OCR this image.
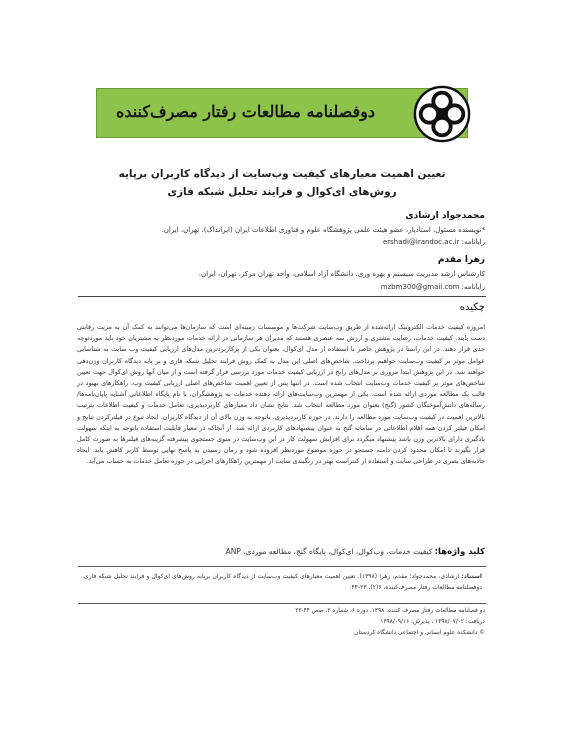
دوفصلنامه مطالعات رفتار مصرف‌کننده
تعیین اهمیت معیارهای کیفیت وب‌سایت از دیدگاه کاربران برپایه
روش‌های ای‌کوال و فرایند تحلیل شبکه فازی
محمدجواد ارشادی
*نویسنده مسئول، استادیار، عضو هیئت علمی پژوهشگاه علوم و فناوری اطلاعات ایران (ایرانداک)، تهران، ایران.
رایانامه: ershadi@irandoc.ac.ir
زهرا مقدم
کارشناس ارشد مدیریت سیستم و بهره وری، دانشگاه آزاد اسلامی، واحد تهران مرکز، تهران، ایران.
رایانامه: mzbm300@gmail.com
چکیده
امروزه کیفیت خدمات الکترونیک ارائه‌شده از طریق وب‌سایت شرکت‌ها و موسسات زمینه‌ای است که سازمان‌ها می‌توانند به کمک آن به مزیت رقابتی دست یابند. کیفیت خدمات، رضایت مشتری و ارزش سه عنصری هستند که مدیران هر سازمانی در ارائه خدمات موردنظر به مشتریان خود باید موردتوجه جدی قرار دهند. در این راستا در پژوهش حاضر با استفاده از مدل ای‌کوال، بعنوان یکی از پرکاربردترین مدل‌های ارزیابی کیفیت وب سایت به شناسایی عوامل موثر بر کیفیت وب‌سایت خواهیم پرداخت. شاخص‌های اصلی این مدل به کمک روش فرایند تحلیل شبکه فازی و بر پایه دیدگاه کاربران وزن‌دهی خواهند شد. در این پژوهش ابتدا مروری بر مدل‌های رایج در ارزیابی کیفیت خدمات مورد بررسی قرار گرفته است و از میان آنها روش ای‌کوال جهت تعیین شاخص‌های موثر بر کیفیت خدمات وب‌سایت انتخاب شده است. در انتها پس از تعیین اهمیت شاخص‌های اصلی ارزیابی کیفیت وب، راهکارهای بهبود در قالب یک مطالعه موردی ارائه شده است. یکی از مهمترین وب‌سایت‌های ارائه دهنده خدمات به پژوهشگران، با نام پایگاه اطلاعاتی آشنایه پایان‌نامه‌ها/رساله‌های دانش‌آموختگان کشور (گنج) بعنوان مورد مطالعه انتخاب شد. نتایج نشان داد معیارهای کاربردپذیری، تعامل خدمات و کیفیت اطلاعات بترتیب بالاترین اهمیت در کیفیت وب‌سایت مورد مطالعه را دارند. در حوزه کاربردپذیری، باتوجه به وزن بالای آن از دیدگاه کاربران، ایجاد تنوع در فیلترکردن نتایج و امکان فیلتر کردن همه اقلام اطلاعاتی در سامانه گنج به عنوان پیشنهادهای کاربردی ارائه شد. از آنجاکه در معیار قابلیت استفاده باتوجه به اینکه سهولت یادگیری دارای بالاترین وزن باشد پیشنهاد میگردد برای افزایش سهولت کار در این وب‌سایت در منوی جستجوی پیشرفته گزینه‌های فیلترها به صورت کامل قرار بگیرند تا امکان محدود کردن دامنه جستجو در حوزه موضوع موردنظر افزوده شود و زمان رسیدن به پاسخ نهایی توسط کاربر کاهش یابد. ایجاد جاذبه‌های بصری در طراحی سایت و استفاده از کنتراست بهتر در رنگبندی سایت از مهمترین راهکارهای اجرایی در حوزه تعامل خدمات به حساب می‌آید.
کلید واژه‌ها: کیفیت خدمات، وب‌کوال، ای‌کوال، پایگاه گنج، مطالعه موردی، ANP
استناد: ارشادی، محمدجواد؛ مقدم، زهرا (۱۳۹۸). تعیین اهمیت معیارهای کیفیت وب‌سایت از دیدگاه کاربران برپایه روش‌های ای‌کوال و فرایند تحلیل شبکه فازی. دوفصلنامه مطالعات رفتار مصرف‌کننده، ۶(۲)، ۲۳-۴۴.
دو فصلنامه مطالعات رفتار مصرف کننده، ۱۳۹۸، دوره ۶، شماره ۲، صص ۴۴-۲۳
دریافت: ۱۳۹۸/۰۷/۰۲ ، پذیرش: ۱۳۹۸/۰۹/۱۶
© دانشکده علوم انسانی و اجتماعی دانشگاه کردستان
